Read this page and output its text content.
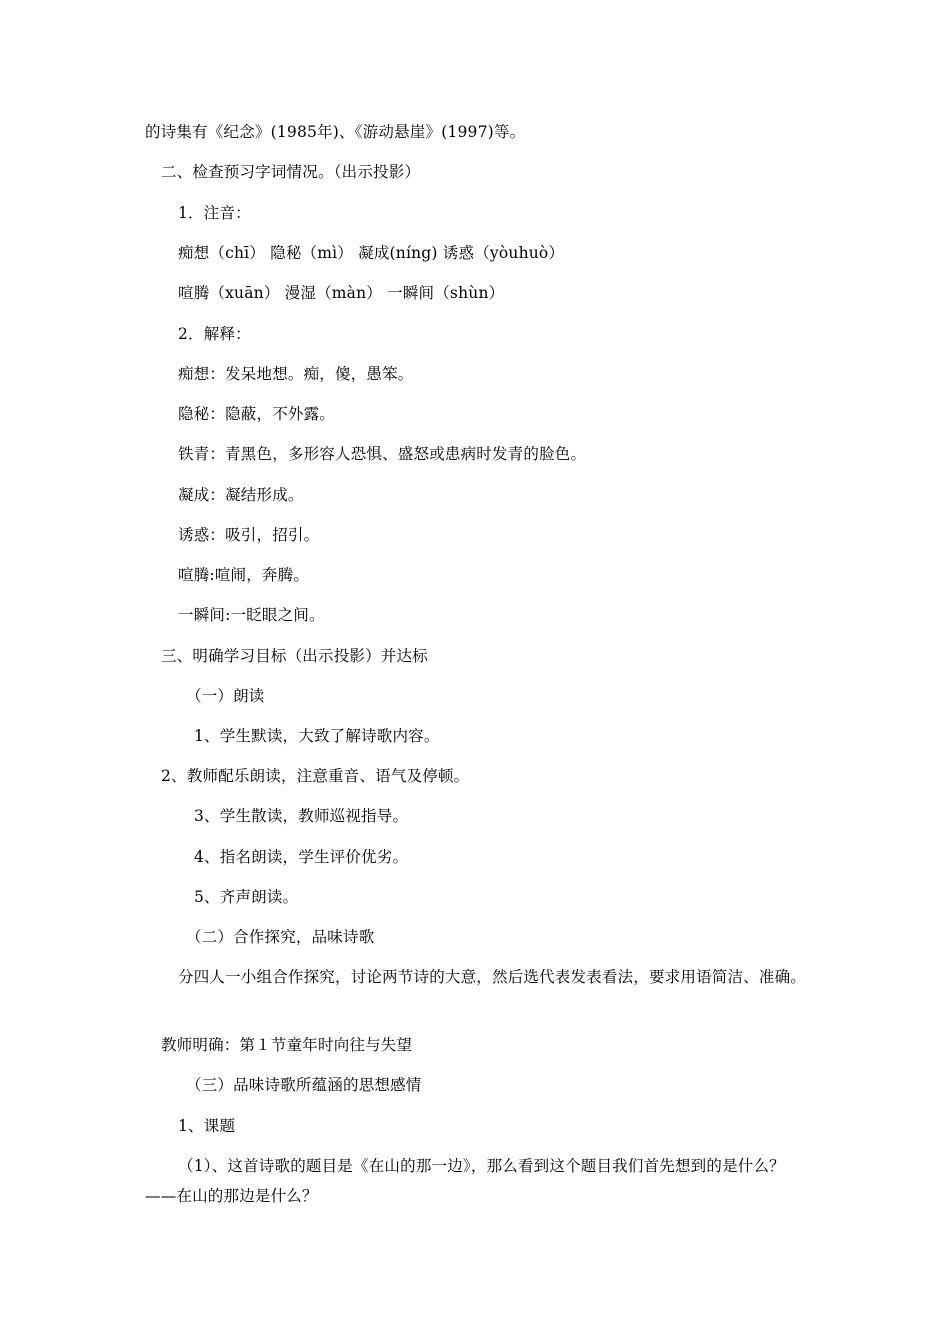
的诗集有《纪念》(1985年)、《游动悬崖》(1997)等。
二、检查预习字词情况。（出示投影）
1．注音：
痴想（chī） 隐秘（mì） 凝成(níng) 诱惑（yòuhuò）
喧腾（xuān） 漫湿（màn） 一瞬间（shùn）
2．解释：
痴想：发呆地想。痴，傻，愚笨。
隐秘：隐蔽，不外露。
铁青：青黑色，多形容人恐惧、盛怒或患病时发青的脸色。
凝成：凝结形成。
诱惑：吸引，招引。
喧腾:喧闹，奔腾。
一瞬间:一眨眼之间。
三、明确学习目标（出示投影）并达标
（一）朗读
1、学生默读，大致了解诗歌内容。
2、教师配乐朗读，注意重音、语气及停顿。
3、学生散读，教师巡视指导。
4、指名朗读，学生评价优劣。
5、齐声朗读。
（二）合作探究，品味诗歌
分四人一小组合作探究，讨论两节诗的大意，然后选代表发表看法，要求用语简洁、准确。
教师明确：第１节童年时向往与失望
（三）品味诗歌所蕴涵的思想感情
1、课题
（1）、这首诗歌的题目是《在山的那一边》，那么看到这个题目我们首先想到的是什么？——在山的那边是什么？
